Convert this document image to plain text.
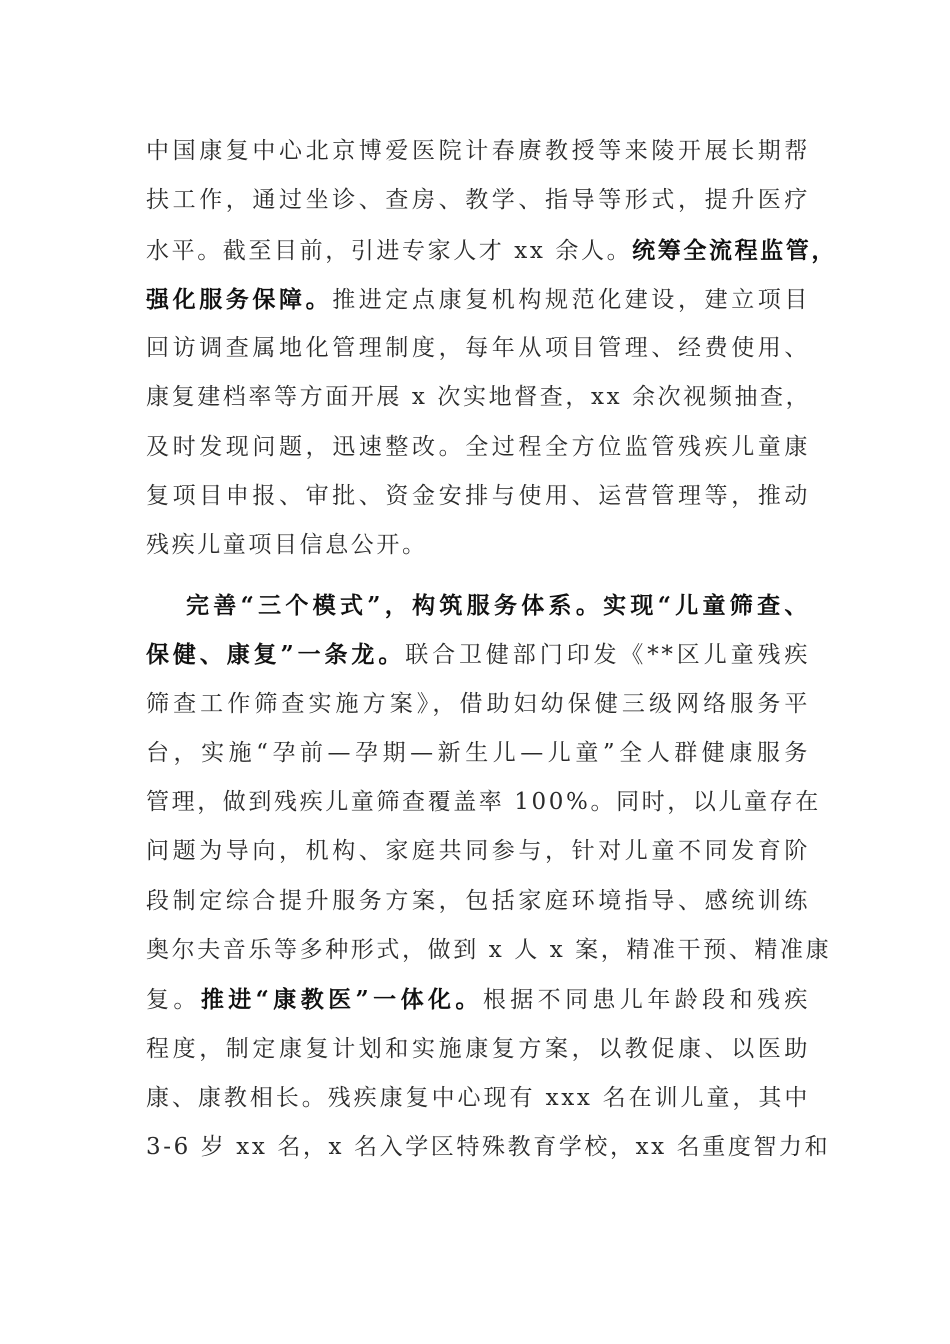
中国康复中心北京博爱医院计春赓教授等来陵开展长期帮
扶工作，通过坐诊、查房、教学、指导等形式，提升医疗
水平。截至目前，引进专家人才 xx 余人。统筹全流程监管，
强化服务保障。推进定点康复机构规范化建设，建立项目
回访调查属地化管理制度，每年从项目管理、经费使用、
康复建档率等方面开展 x 次实地督查，xx 余次视频抽查，
及时发现问题，迅速整改。全过程全方位监管残疾儿童康
复项目申报、审批、资金安排与使用、运营管理等，推动
残疾儿童项目信息公开。
完善“三个模式”，构筑服务体系。实现“儿童筛查、
保健、康复”一条龙。联合卫健部门印发《**区儿童残疾
筛查工作筛查实施方案》，借助妇幼保健三级网络服务平
台，实施“孕前—孕期—新生儿—儿童”全人群健康服务
管理，做到残疾儿童筛查覆盖率 100%。同时，以儿童存在
问题为导向，机构、家庭共同参与，针对儿童不同发育阶
段制定综合提升服务方案，包括家庭环境指导、感统训练
奥尔夫音乐等多种形式，做到 x 人 x 案，精准干预、精准康
复。推进“康教医”一体化。根据不同患儿年龄段和残疾
程度，制定康复计划和实施康复方案，以教促康、以医助
康、康教相长。残疾康复中心现有 xxx 名在训儿童，其中
3-6 岁 xx 名，x 名入学区特殊教育学校，xx 名重度智力和
